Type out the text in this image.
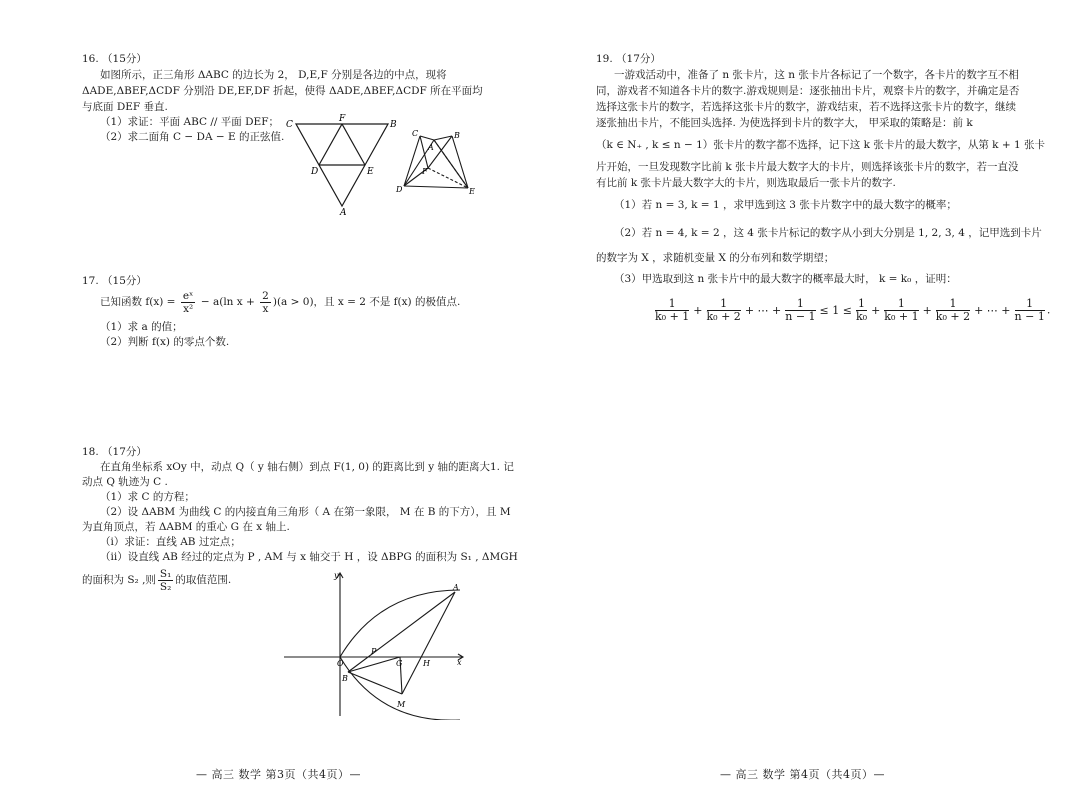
16. （15分）
如图所示，正三角形 ΔABC 的边长为 2， D,E,F 分别是各边的中点，现将
ΔADE,ΔBEF,ΔCDF 分别沿 DE,EF,DF 折起，使得 ΔADE,ΔBEF,ΔCDF 所在平面均
与底面 DEF 垂直.
（1）求证：平面 ABC // 平面 DEF；
（2）求二面角 C − DA − E 的正弦值.
C
F
B
D	E
A
C
A
B
F
D	E
17. （15分）
已知函数 $f(x) = \frac{\text{eˣ}}{\text{x²}} - a(\ln$ $x + \frac{2}{x} )(a > 0)$，且 x = 2 不是 f(x) 的极值点.
（1）求 a 的值；
（2）判断 f(x) 的零点个数.
18. （17分）
在直角坐标系 xOy 中，动点 Q（ y 轴右侧）到点 F(1, 0) 的距离比到 y 轴的距离大1. 记
动点 Q 轨迹为 C .
（1）求 C 的方程；
（2）设 ΔABM 为曲线 C 的内接直角三角形（ A 在第一象限， M 在 B 的下方），且 M
为直角顶点，若 ΔABM 的重心 G 在 x 轴上.
（i）求证：直线 AB 过定点；
（ii）设直线 AB 经过的定点为 P , AM 与 x 轴交于 H ，设 ΔBPG 的面积为 S₁ , ΔMGH
的面积为 S₂ ,则 $\frac{\text{S₁}}{\text{S₂}}$ 的取值范围.	y
x
O
A
P
G	H
B
M
— 高三 数学 第3页（共4页）—
19. （17分）
一游戏活动中，准备了 n 张卡片，这 n 张卡片各标记了一个数字，各卡片的数字互不相
同，游戏者不知道各卡片的数字.游戏规则是：逐张抽出卡片，观察卡片的数字，并确定是否
选择这张卡片的数字，若选择这张卡片的数字，游戏结束，若不选择这张卡片的数字，继续
逐张抽出卡片，不能回头选择. 为使选择到卡片的数字大， 甲采取的策略是：前 k
（k ∈ N₊ , k ≤ n − 1）张卡片的数字都不选择，记下这 k 张卡片的最大数字，从第 k + 1 张卡
片开始，一旦发现数字比前 k 张卡片最大数字大的卡片，则选择该张卡片的数字，若一直没
有比前 k 张卡片最大数字大的卡片，则选取最后一张卡片的数字.
（1）若 n = 3, k = 1 ，求甲选到这 3 张卡片数字中的最大数字的概率；
（2）若 n = 4, k = 2 ，这 4 张卡片标记的数字从小到大分别是 1, 2, 3, 4 ，记甲选到卡片
的数字为 X ，求随机变量 X 的分布列和数学期望；
（3）甲选取到这 n 张卡片中的最大数字的概率最大时， k = k₀ ，证明：
$\frac{1}{\text{k₀ + 1}} + \frac{1}{\text{k₀ + 2}}$ + ⋯ + $\frac{1}{n - 1} \le 1 \le \frac{1}{\text{k₀}} + \frac{1}{\text{k₀ + 1}} + \frac{1}{\text{k₀ + 2}}$ + ⋯ + $\frac{1}{n - 1}$ .
— 高三 数学 第4页（共4页）—
